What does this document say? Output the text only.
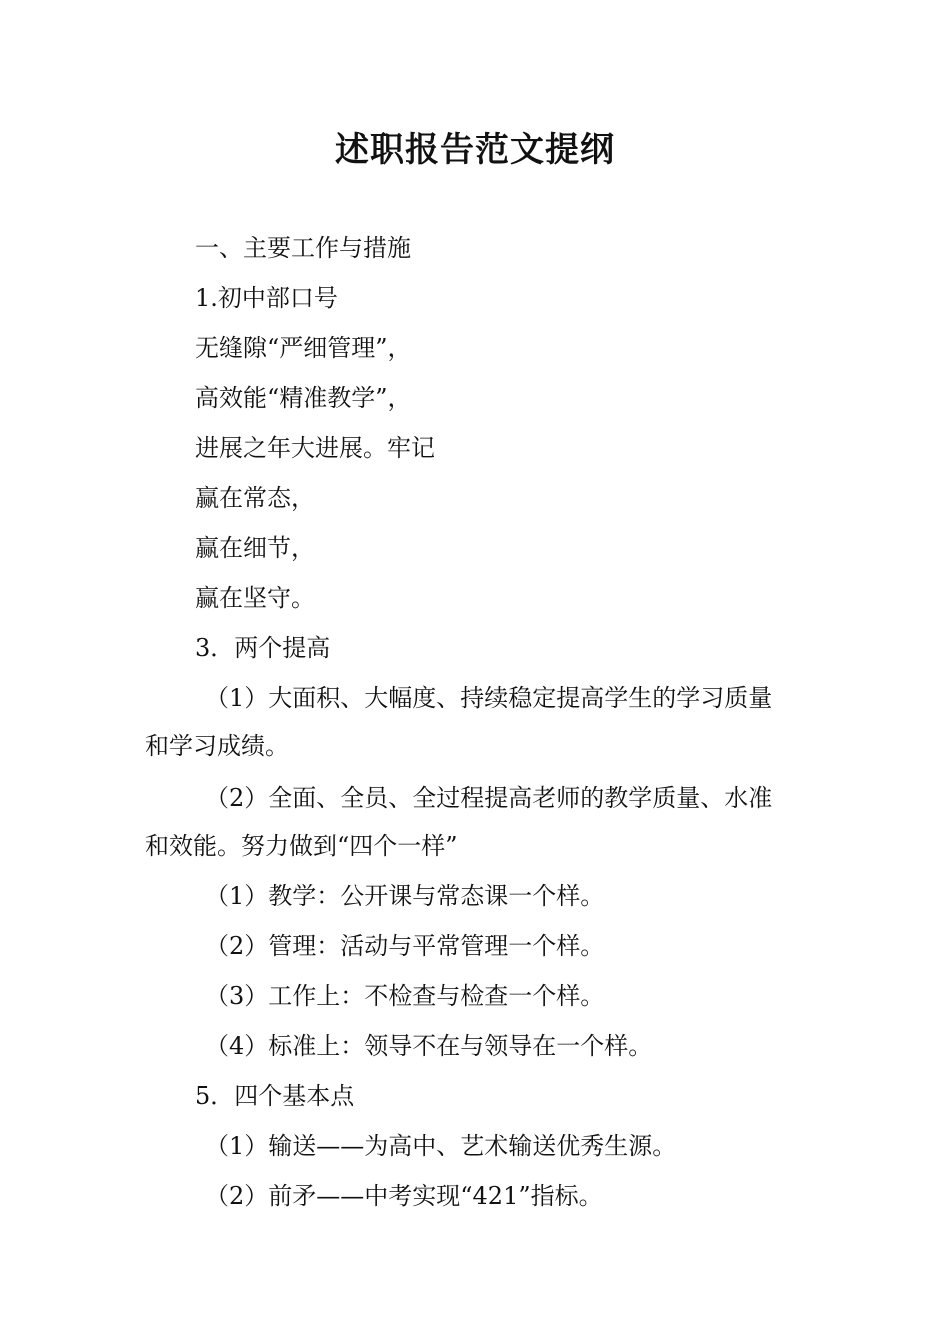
述职报告范文提纲

一、主要工作与措施

1.初中部口号

无缝隙“严细管理”，

高效能“精准教学”，

进展之年大进展。牢记

赢在常态，

赢在细节，

赢在坚守。

3．两个提高

（1）大面积、大幅度、持续稳定提高学生的学习质量

和学习成绩。

（2）全面、全员、全过程提高老师的教学质量、水准

和效能。努力做到“四个一样”

（1）教学：公开课与常态课一个样。

（2）管理：活动与平常管理一个样。

（3）工作上：不检查与检查一个样。

（4）标准上：领导不在与领导在一个样。

5．四个基本点

（1）输送——为高中、艺术输送优秀生源。

（2）前矛——中考实现“421”指标。
